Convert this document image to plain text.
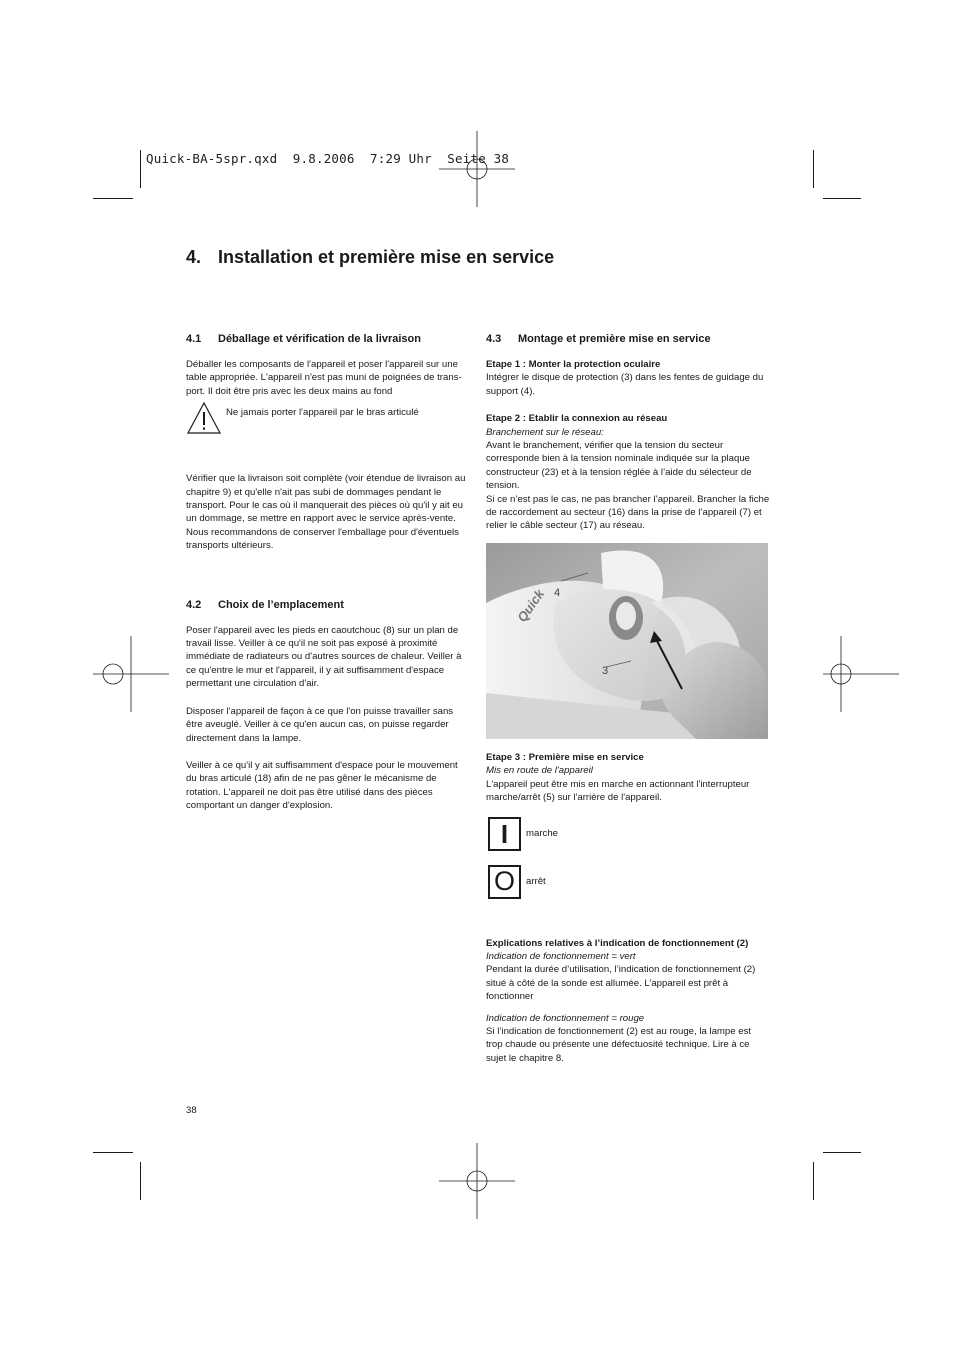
Quick-BA-5spr.qxd  9.8.2006  7:29 Uhr  Seite 38
4. Installation et première mise en service
4.1 Déballage et vérification de la livraison
Déballer les composants de l'appareil et poser l'appareil sur une table appropriée. L'appareil n'est pas muni de poignées de trans-port. Il doit être pris avec les deux mains au fond
Ne jamais porter l'appareil par le bras articulé
Vérifier que la livraison soit complète (voir étendue de livraison au chapitre 9) et qu'elle n'ait pas subi de dommages pendant le transport. Pour le cas où il manquerait des pièces où qu'il y ait eu un dommage, se mettre en rapport avec le service après-vente. Nous recommandons de conserver l'emballage pour d'éventuels transports ultérieurs.
4.2 Choix de l’emplacement
Poser l'appareil avec les pieds en caoutchouc (8) sur un plan de travail lisse. Veiller à ce qu'il ne soit pas exposé à proximité immédiate de radiateurs ou d'autres sources de chaleur. Veiller à ce qu'entre le mur et l'appareil, il y ait suffisamment d'espace permettant une circulation d'air.
Disposer l'appareil de façon à ce que l'on puisse travailler sans être aveuglé. Veiller à ce qu'en aucun cas, on puisse regarder directement dans la lampe.
Veiller à ce qu'il y ait suffisamment d'espace pour le mouvement du bras articulé (18) afin de ne pas gêner le mécanisme de rotation. L'appareil ne doit pas être utilisé dans des pièces comportant un danger d'explosion.
4.3 Montage et première mise en service
Etape 1 : Monter la protection oculaire
Intégrer le disque de protection (3) dans les fentes de guidage du support (4).
Etape 2 : Etablir la connexion au réseau
Branchement sur le réseau:
Avant le branchement, vérifier que la tension du secteur corresponde bien à la tension nominale indiquée sur la plaque constructeur (23) et à la tension réglée à l’aide du sélecteur de tension.
Si ce n’est pas le cas, ne pas brancher l’appareil. Brancher la fiche de raccordement au secteur (16) dans la prise de l’appareil (7) et relier le câble secteur (17) au réseau.
4
3
Quick
Etape 3 : Première mise en service
Mis en route de l'appareil
L'appareil peut être mis en marche en actionnant l'interrupteur marche/arrêt (5) sur l'arrière de l'appareil.
I	marche
O	arrêt
Explications relatives à l’indication de fonctionnement (2)
Indication de fonctionnement = vert
Pendant la durée d’utilisation, l’indication de fonctionnement (2) situé à côté de la sonde est allumée. L’appareil est prêt à fonctionner
Indication de fonctionnement = rouge
Si l’indication de fonctionnement (2) est au rouge, la lampe est trop chaude ou présente une défectuosité technique. Lire à ce sujet le chapitre 8.
38
